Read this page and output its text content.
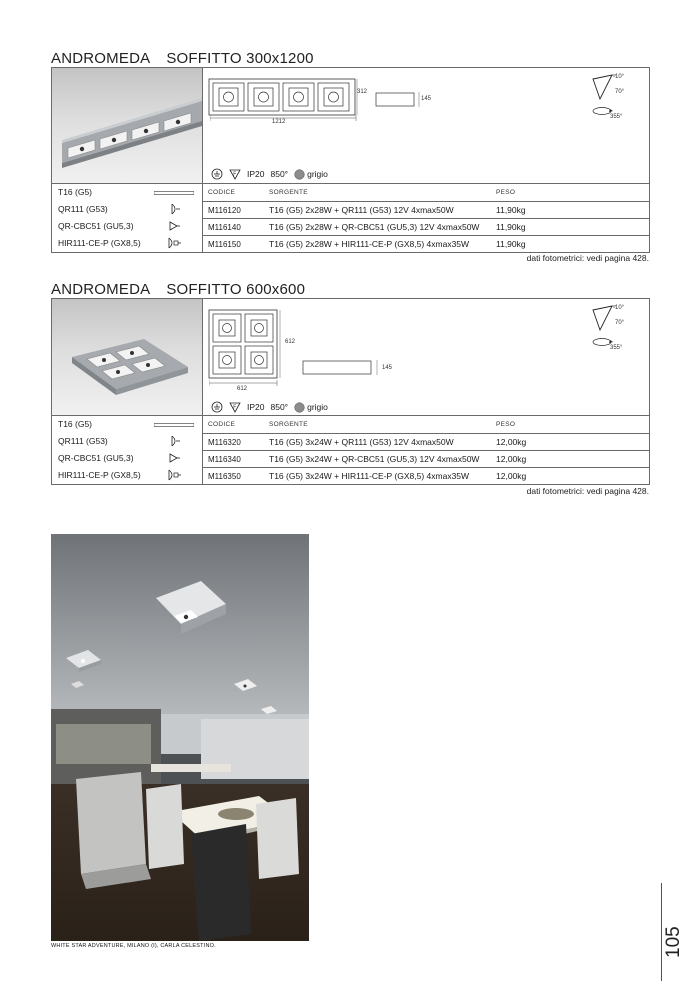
ANDROMEDA SOFFITTO 300x1200
312
1212
145
-10°
70°
355°
F IP20 850° grigio
T16 (G5)
QR111 (G53)
QR-CBC51 (GU5,3)
HIR111-CE-P (GX8,5)
CODICE	SORGENTE	PESO
M116120	T16 (G5) 2x28W + QR111 (G53) 12V 4xmax50W	11,90kg
M116140	T16 (G5) 2x28W + QR-CBC51 (GU5,3) 12V 4xmax50W 11,90kg
M116150	T16 (G5) 2x28W + HIR111-CE-P (GX8,5) 4xmax35W	11,90kg
dati fotometrici: vedi pagina 428.
ANDROMEDA SOFFITTO 600x600
612
612
145
-10°
70°
355°
F IP20 850° grigio
T16 (G5)
QR111 (G53)
QR-CBC51 (GU5,3)
HIR111-CE-P (GX8,5)
CODICE	SORGENTE	PESO
M116320	T16 (G5) 3x24W + QR111 (G53) 12V 4xmax50W	12,00kg
M116340	T16 (G5) 3x24W + QR-CBC51 (GU5,3) 12V 4xmax50W 12,00kg
M116350	T16 (G5) 3x24W + HIR111-CE-P (GX8,5) 4xmax35W	12,00kg
dati fotometrici: vedi pagina 428.
WHITE STAR ADVENTURE, MILANO (I), CARLA CELESTINO.	105
